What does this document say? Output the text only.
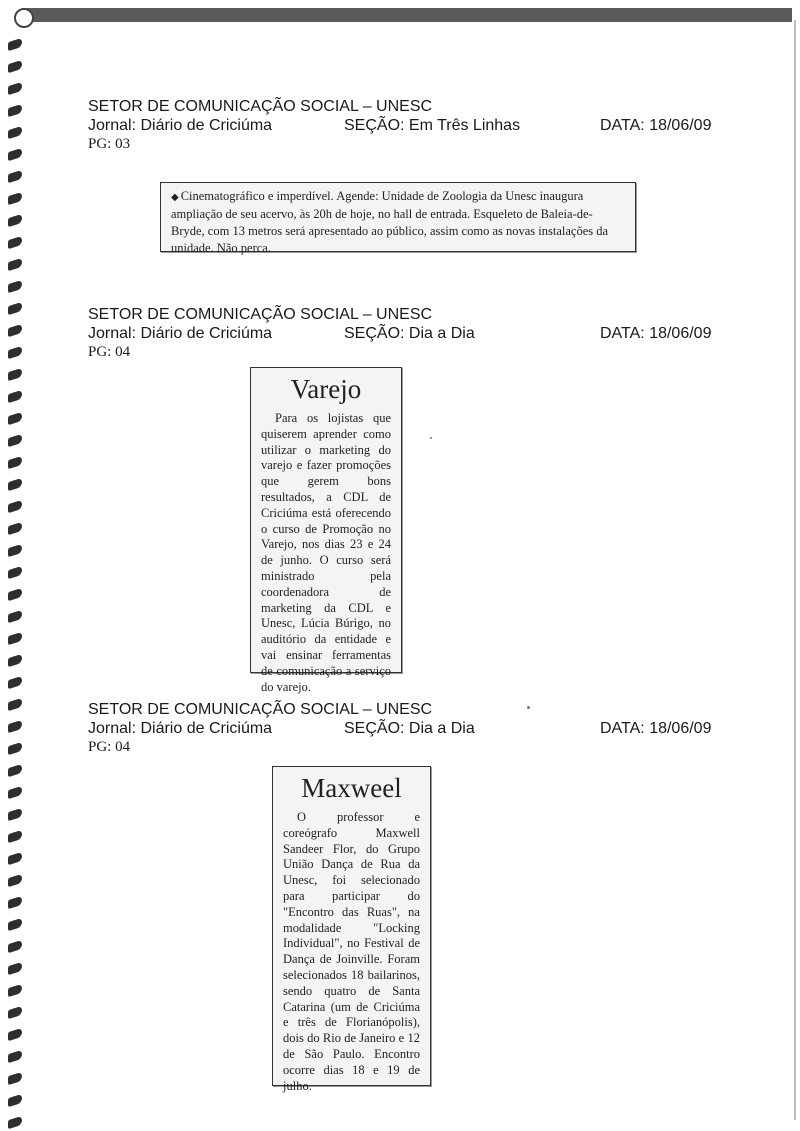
SETOR DE COMUNICAÇÃO SOCIAL – UNESC
Jornal: Diário de Criciúma	SEÇÃO: Em Três Linhas	DATA: 18/06/09
PG: 03
◆ Cinematográfico e imperdível. Agende: Unidade de Zoologia da Unesc inaugura ampliação de seu acervo, às 20h de hoje, no hall de entrada. Esqueleto de Baleia-de-Bryde, com 13 metros será apresentado ao público, assim como as novas instalações da unidade. Não perca.
SETOR DE COMUNICAÇÃO SOCIAL – UNESC
Jornal: Diário de Criciúma	SEÇÃO: Dia a Dia	DATA: 18/06/09
PG: 04
Varejo
Para os lojistas que quiserem aprender como utilizar o marketing do varejo e fazer promoções que gerem bons resultados, a CDL de Criciúma está oferecendo o curso de Promoção no Varejo, nos dias 23 e 24 de junho. O curso será ministrado pela coordenadora de marketing da CDL e Unesc, Lúcia Búrigo, no auditório da entidade e vai ensinar ferramentas de comunicação a serviço do varejo.
SETOR DE COMUNICAÇÃO SOCIAL – UNESC
Jornal: Diário de Criciúma	SEÇÃO: Dia a Dia	DATA: 18/06/09
PG: 04
Maxweel
O professor e coreógrafo Maxwell Sandeer Flor, do Grupo União Dança de Rua da Unesc, foi selecionado para participar do "Encontro das Ruas", na modalidade "Locking Individual", no Festival de Dança de Joinville. Foram selecionados 18 bailarinos, sendo quatro de Santa Catarina (um de Criciúma e três de Florianópolis), dois do Rio de Janeiro e 12 de São Paulo. Encontro ocorre dias 18 e 19 de julho.
